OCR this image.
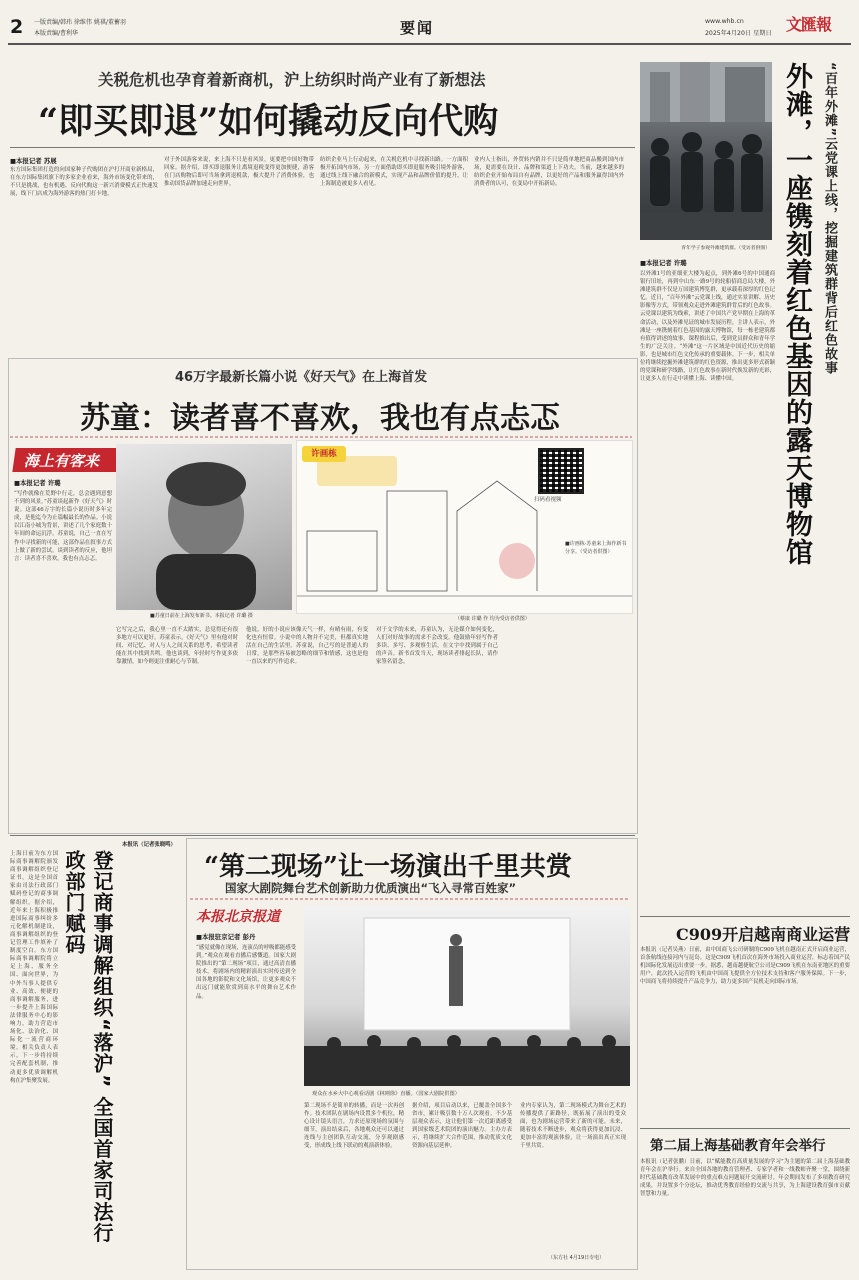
2 一版责编/韩玮 徐维伟 姚祺/董蓄羽
本版责编/曹利华	要闻	www.whb.cn
2025年4月20日 星期日 文匯報
关税危机也孕育着新商机，沪上纺织时尚产业有了新想法
“即买即退”如何撬动反向代购
■本报记者 苏展
东方国际集团打造的向国家种子代购团在沪打开商业新格局，在东方国际集团旗下的多家企业看来，海外市场变化带来的，不只是挑战，也有机遇。反向代购这一新兴消费模式正快速发展，线下门店成为海外游客的热门打卡地。
对于外国游客来说，来上海不只是看风景，更要把中国好物带回家。据介绍，即买即退服务让离境退税变得更加便捷，游客在门店购物后即可当场拿到退税款，极大提升了消费体验，也推动国货品牌加速走向世界。
纺织企业马上行动起来，在关税危机中寻找新出路。一方面积极开拓国内市场，另一方面借助即买即退服务吸引境外游客，通过线上线下融合的新模式，实现产品和品牌价值的提升，让上海制造被更多人看见。
业内人士指出，外贸转内销并不只是简单地把商品搬到国内市场，更需要在设计、品牌和渠道上下功夫。当前，越来越多的纺织企业开始布局自有品牌，以更好的产品和服务赢得国内外消费者的认可，在变局中开拓新局。	“百年外滩”云党课上线，挖掘建筑群背后红色故事
外滩，一座镌刻着红色基因的露天博物馆
青年学子参观外滩建筑群。（受访者供图）
■本报记者 许璐
以外滩1号的亚细亚大楼为起点，到外滩6号的中国通商银行旧址，再到中山东一路9号的轮船招商总局大楼，外滩建筑群不仅是万国建筑博览群，更承载着深厚的红色记忆。近日，“百年外滩”云党课上线，通过实景讲解、历史影像等方式，带领观众走进外滩建筑群背后的红色故事。云党课以建筑为线索，讲述了中国共产党早期在上海的革命活动，以及外滩见证的城市发展历程。主讲人表示，外滩是一座镌刻着红色基因的露天博物馆，每一栋老建筑都有值得讲述的故事。课程推出后，受到党员群众和青年学生的广泛关注。“外滩”这一片区域是中国近代历史的缩影，也是城市红色文化传承的重要载体。下一步，相关单位将继续挖掘外滩建筑群的红色资源，推出更多形式新颖的党课和研学线路，让红色故事在新时代焕发新的光彩，让更多人在行走中读懂上海、读懂中国。
46万字最新长篇小说《好天气》在上海首发
苏童：读者喜不喜欢，我也有点忐忑
海上有客来
■本报记者 许璐
“写作就像在荒野中行走，总会遇到意想不到的风景。”苏童谈起新作《好天气》时说。这部46万字的长篇小说历时多年完成，是他迄今为止篇幅最长的作品。小说以江南小城为背景，讲述了几个家庭数十年间的命运沉浮。苏童说，自己一直在写作中寻找新的可能，这部作品在叙事方式上做了新的尝试。谈到读者的反应，他坦言：读者喜不喜欢，我也有点忐忑。
■苏童日前在上海发布新书。本报记者 许璐 摄
许画栋
扫码看视频
■许画栋·苏童来上海作新书分享。（受访者供图）
（蔡康 许璐 作 均为受访者供图）
它写完之后，我心里一直不太踏实，总觉得还有很多地方可以更好。苏童表示，《好天气》里有他对时间、对记忆、对人与人之间关系的思考，希望读者能在其中找到共鸣。他也谈到，年轻时写作更多依靠激情，如今则更注重耐心与节制。
他说，好的小说应该像天气一样，有晴有雨，有变化也有恒常。小说中的人物并不完美，但都真实地活在自己的生活里。苏童说，自己写的是普通人的日常，是那些容易被忽略的细节和情感，这也是他一直以来的写作追求。
对于文学的未来，苏童认为，无论媒介如何变化，人们对好故事的需求不会改变。他鼓励年轻写作者多读、多写、多观察生活，在文字中找到属于自己的声音。新书首发当天，现场读者排起长队，请作家签名留念。
登记商事调解组织“落沪” 全国首家司法行政部门赋码
本报讯（记者张晓鸣）
上海日前为东方国际商事调解院颁发商事调解组织登记证书，这是全国首家由司法行政部门赋码登记的商事调解组织。据介绍，近年来上海积极推进国际商事纠纷多元化解机制建设，商事调解组织的登记管理工作填补了制度空白。东方国际商事调解院将立足上海、服务全国、面向世界，为中外当事人提供专业、高效、便捷的商事调解服务，进一步提升上海国际法律服务中心的影响力，助力营造市场化、法治化、国际化一流营商环境。相关负责人表示，下一步将持续完善配套机制，推动更多优质调解机构在沪集聚发展。
“第二现场”让一场演出千里共赏
国家大剧院舞台艺术创新助力优质演出“飞入寻常百姓家”
本报北京报道
■本报驻京记者 彭丹
“感觉就像在现场，连演员的呼吸都能感受到。”观众在观看直播后感慨道。国家大剧院推出的“第二现场”项目，通过高清直播技术，将剧场内的精彩演出实时传送到全国各地的影院和文化场馆，让更多观众不出远门就能欣赏到高水平的舞台艺术作品。
观众在水乡大中心观看话剧《林则徐》直播。（国家大剧院供图）
第二现场不是简单的转播，而是一次再创作。技术团队在剧场内设置多个机位，精心设计镜头语言，力求还原现场的氛围与细节。演出结束后，各地观众还可以通过连线与主创团队互动交流，分享观剧感受，形成线上线下联动的观演新体验。
据介绍，项目启动以来，已覆盖全国多个省市，累计吸引数十万人次观看。不少基层观众表示，这让他们第一次近距离感受到国家级艺术院团的演出魅力。主办方表示，将继续扩大合作范围，推动优质文化资源向基层延伸。
业内专家认为，第二现场模式为舞台艺术的传播提供了新路径，既拓展了演出的受众面，也为剧场运营带来了新的可能。未来，随着技术不断进步，观众将获得更加沉浸、更加丰富的观演体验，让一场演出真正实现千里共赏。
（东方社 4月19日专电）
C909开启越南商业运营
本报讯（记者吴燕）日前，由中国商飞公司研制的C909飞机在越南正式开启商业运营，首条航线连接河内与昆岛。这是C909飞机首次在海外市场投入商业运营，标志着国产民机国际化发展迈出重要一步。据悉，越南越捷航空公司是C909飞机在东南亚地区的重要用户，此次投入运营的飞机由中国商飞提供全方位技术支持和客户服务保障。下一步，中国商飞将持续提升产品竞争力，助力更多国产民机走向国际市场。
第二届上海基础教育年会举行
本报讯（记者张鹏）日前，以“赋能教育高质量发展的学习”为主题的第二届上海基础教育年会在沪举行。来自全国各地的教育管理者、专家学者和一线教师齐聚一堂，围绕新时代基础教育改革发展中的重点难点问题展开交流研讨。年会期间发布了多项教育研究成果，并设置多个分论坛，推动优秀教育经验的交流与共享，为上海建设教育强市贡献智慧和力量。
